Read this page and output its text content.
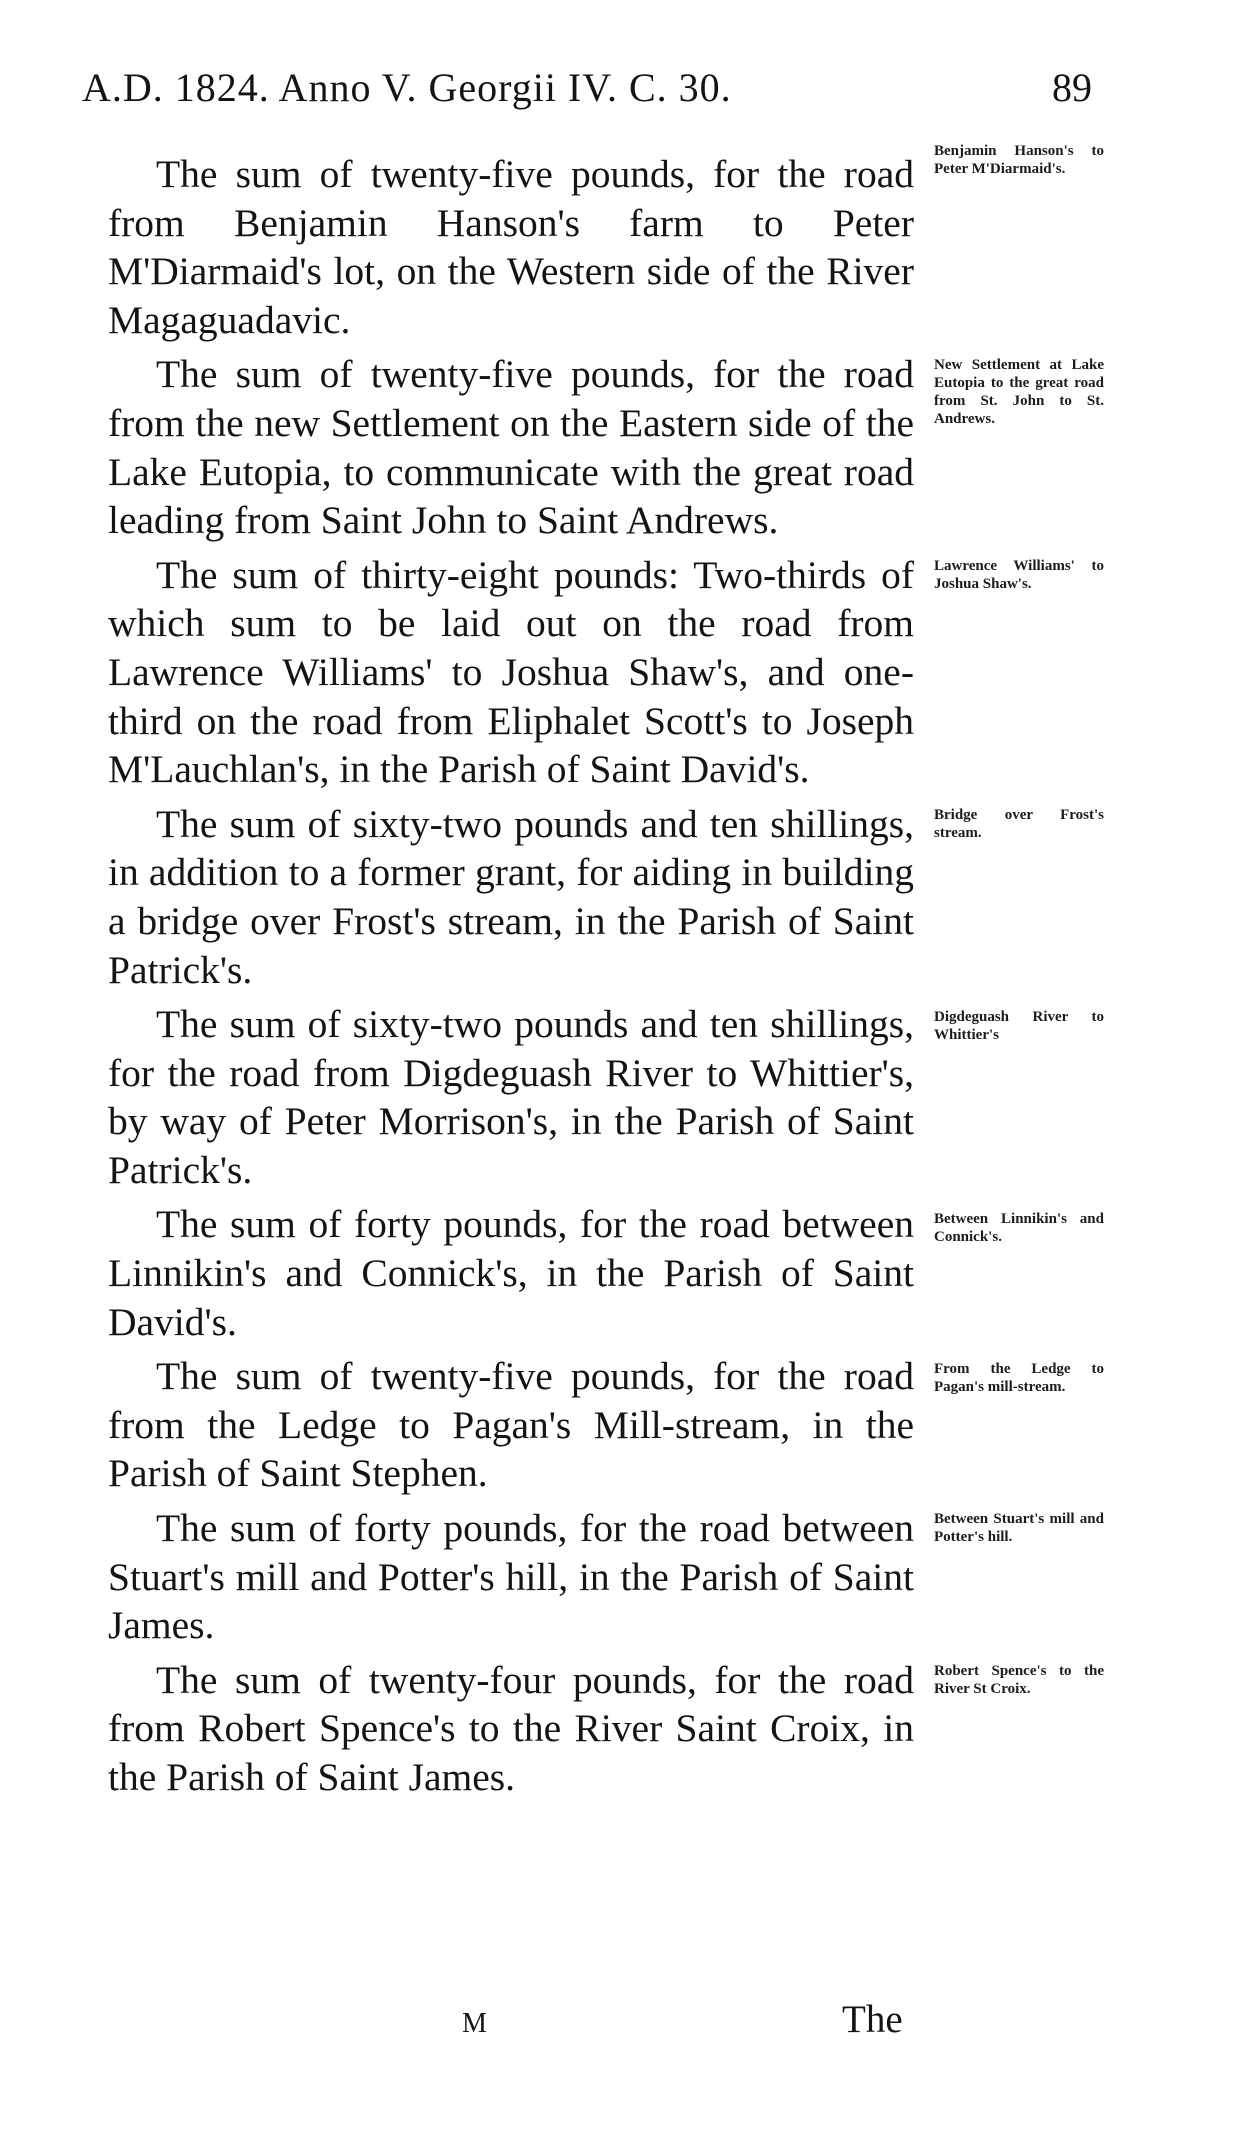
A.D. 1824. Anno V. Georgii IV. C. 30.	89

Benjamin Hanson's to Peter M'Diarmaid's.
The sum of twenty-five pounds, for the road from Benjamin Hanson's farm to Peter M'Diarmaid's lot, on the Western side of the River Magaguadavic.

New Settlement at Lake Eutopia to the great road from St. John to St. Andrews.
The sum of twenty-five pounds, for the road from the new Settlement on the Eastern side of the Lake Eutopia, to communicate with the great road leading from Saint John to Saint Andrews.

Lawrence Williams' to Joshua Shaw's.
The sum of thirty-eight pounds: Two-thirds of which sum to be laid out on the road from Lawrence Williams' to Joshua Shaw's, and one-third on the road from Eliphalet Scott's to Joseph M'Lauchlan's, in the Parish of Saint David's.

Bridge over Frost's stream.
The sum of sixty-two pounds and ten shillings, in addition to a former grant, for aiding in building a bridge over Frost's stream, in the Parish of Saint Patrick's.

Digdeguash River to Whittier's
The sum of sixty-two pounds and ten shillings, for the road from Digdeguash River to Whittier's, by way of Peter Morrison's, in the Parish of Saint Patrick's.

Between Linnikin's and Connick's.
The sum of forty pounds, for the road between Linnikin's and Connick's, in the Parish of Saint David's.

From the Ledge to Pagan's mill-stream.
The sum of twenty-five pounds, for the road from the Ledge to Pagan's Mill-stream, in the Parish of Saint Stephen.

Between Stuart's mill and Potter's hill.
The sum of forty pounds, for the road between Stuart's mill and Potter's hill, in the Parish of Saint James.

Robert Spence's to the River St Croix.
The sum of twenty-four pounds, for the road from Robert Spence's to the River Saint Croix, in the Parish of Saint James.

M	The
